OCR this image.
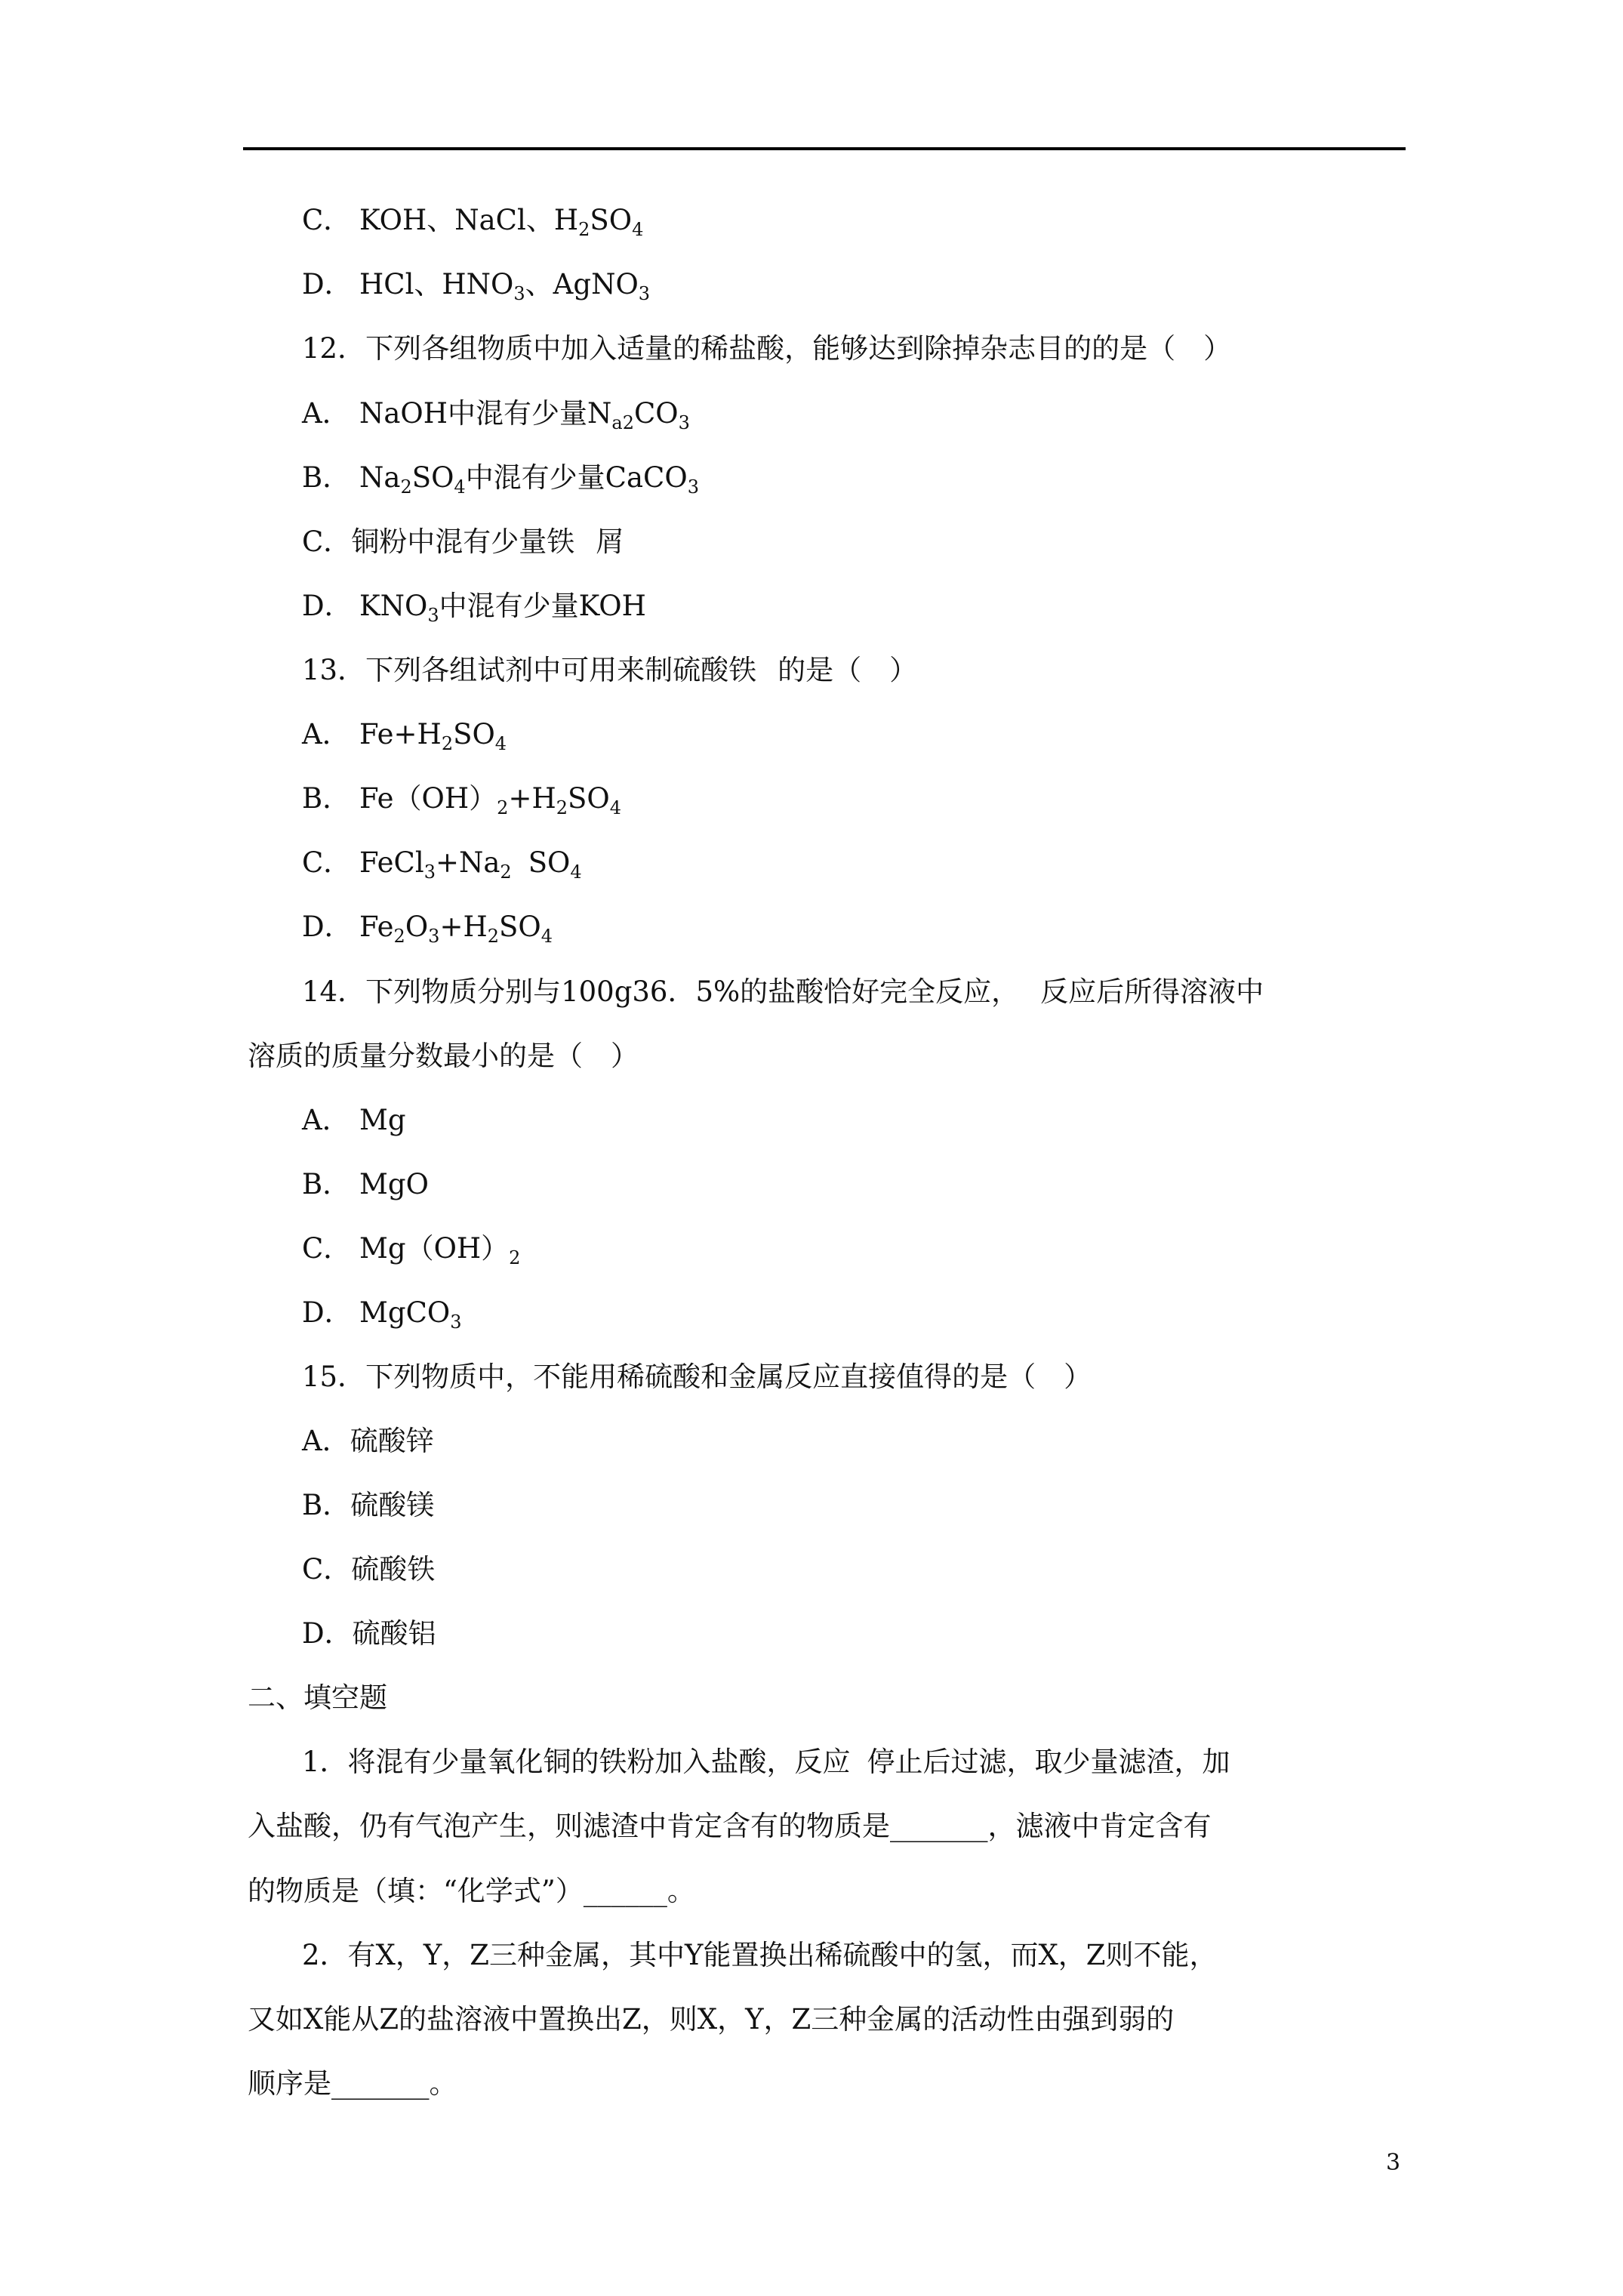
C． KOH、NaCl、$H_2SO_4$
D． HCl、$HNO_3$、AgNO$_3$
12．下列各组物质中加入适量的稀盐酸，能够达到除掉杂志目的的是（　）
A． NaOH中混有少量$N_{a2}CO_3$
B． $Na_2SO_4$中混有少量CaCO$_3$
C．铜粉中混有少量铁 屑
D． $KNO_3$中混有少量KOH
13．下列各组试剂中可用来制硫酸铁 的是（　）
A． $Fe+H_2SO_4$
B． $Fe(OH)_2+H_2SO_4$
C． $FeCl_3+Na_2$ $SO_4$
D． $Fe_2O_3+H_2SO_4$
14．下列物质分别与100g36．5%的盐酸恰好完全反应， 反应后所得溶液中
溶质的质量分数最小的是（　）
A． Mg
B． MgO
C． $Mg(OH)_2$
D． MgCO$_3$
15．下列物质中，不能用稀硫酸和金属反应直接值得的是（　）
A．硫酸锌
B．硫酸镁
C．硫酸铁
D．硫酸铝
二、填空题
1．将混有少量氧化铜的铁粉加入盐酸，反应 停止后过滤，取少量滤渣，加
入盐酸，仍有气泡产生，则滤渣中肯定含有的物质是_______，滤液中肯定含有
的物质是（填：“化学式”）______。
2．有X，Y，Z三种金属，其中Y能置换出稀硫酸中的氢，而X，Z则不能，
又如X能从Z的盐溶液中置换出Z，则X，Y，Z三种金属的活动性由强到弱的
顺序是_______。
3
